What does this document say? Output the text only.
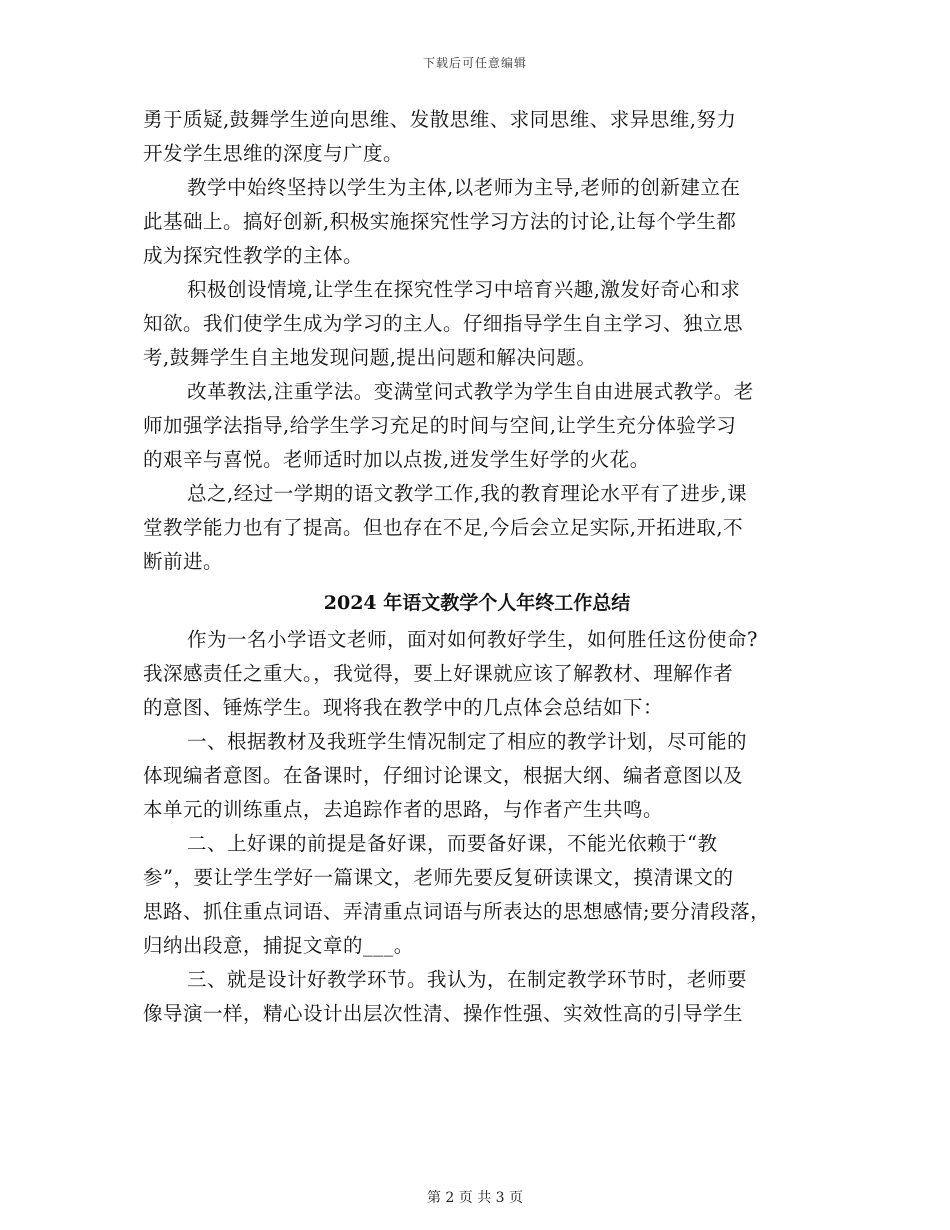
下载后可任意编辑
勇于质疑,鼓舞学生逆向思维、发散思维、求同思维、求异思维,努力
开发学生思维的深度与广度。
教学中始终坚持以学生为主体,以老师为主导,老师的创新建立在
此基础上。搞好创新,积极实施探究性学习方法的讨论,让每个学生都
成为探究性教学的主体。
积极创设情境,让学生在探究性学习中培育兴趣,激发好奇心和求
知欲。我们使学生成为学习的主人。仔细指导学生自主学习、独立思
考,鼓舞学生自主地发现问题,提出问题和解决问题。
改革教法,注重学法。变满堂问式教学为学生自由进展式教学。老
师加强学法指导,给学生学习充足的时间与空间,让学生充分体验学习
的艰辛与喜悦。老师适时加以点拨,迸发学生好学的火花。
总之,经过一学期的语文教学工作,我的教育理论水平有了进步,课
堂教学能力也有了提高。但也存在不足,今后会立足实际,开拓进取,不
断前进。
2024 年语文教学个人年终工作总结
作为一名小学语文老师，面对如何教好学生，如何胜任这份使命?
我深感责任之重大。，我觉得，要上好课就应该了解教材、理解作者
的意图、锤炼学生。现将我在教学中的几点体会总结如下：
一、根据教材及我班学生情况制定了相应的教学计划，尽可能的
体现编者意图。在备课时，仔细讨论课文，根据大纲、编者意图以及
本单元的训练重点，去追踪作者的思路，与作者产生共鸣。
二、上好课的前提是备好课，而要备好课，不能光依赖于“教
参”，要让学生学好一篇课文，老师先要反复研读课文，摸清课文的
思路、抓住重点词语、弄清重点词语与所表达的思想感情;要分清段落，
归纳出段意，捕捉文章的___。
三、就是设计好教学环节。我认为，在制定教学环节时，老师要
像导演一样，精心设计出层次性清、操作性强、实效性高的引导学生
第 2 页 共 3 页
